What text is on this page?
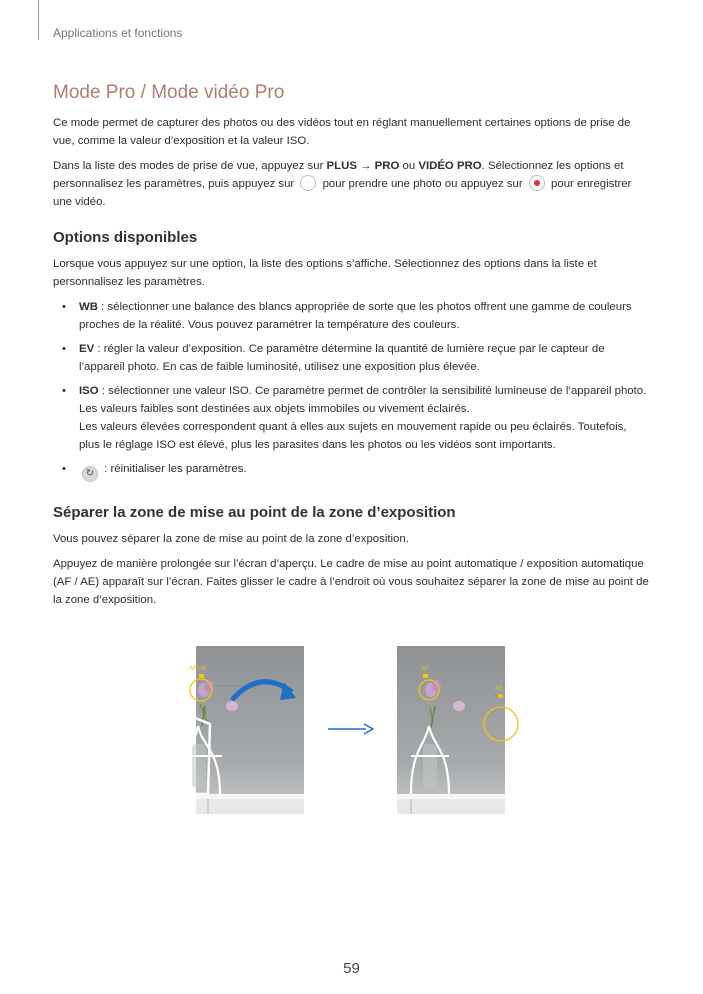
Applications et fonctions
Mode Pro / Mode vidéo Pro

Ce mode permet de capturer des photos ou des vidéos tout en réglant manuellement certaines options de prise de vue, comme la valeur d’exposition et la valeur ISO.

Dans la liste des modes de prise de vue, appuyez sur PLUS → PRO ou VIDÉO PRO. Sélectionnez les options et personnalisez les paramètres, puis appuyez sur  pour prendre une photo ou appuyez sur  pour enregistrer une vidéo.

Options disponibles

Lorsque vous appuyez sur une option, la liste des options s’affiche. Sélectionnez des options dans la liste et personnalisez les paramètres.

• WB : sélectionner une balance des blancs appropriée de sorte que les photos offrent une gamme de couleurs proches de la réalité. Vous pouvez paramétrer la température des couleurs.
• EV : régler la valeur d’exposition. Ce paramètre détermine la quantité de lumière reçue par le capteur de l’appareil photo. En cas de faible luminosité, utilisez une exposition plus élevée.
• ISO : sélectionner une valeur ISO. Ce paramètre permet de contrôler la sensibilité lumineuse de l’appareil photo. Les valeurs faibles sont destinées aux objets immobiles ou vivement éclairés.
Les valeurs élevées correspondent quant à elles aux sujets en mouvement rapide ou peu éclairés. Toutefois, plus le réglage ISO est élevé, plus les parasites dans les photos ou les vidéos sont importants.
• ↻ : réinitialiser les paramètres.
Séparer la zone de mise au point de la zone d’exposition

Vous pouvez séparer la zone de mise au point de la zone d’exposition.

Appuyez de manière prolongée sur l’écran d’aperçu. Le cadre de mise au point automatique / exposition automatique (AF / AE) apparaît sur l’écran. Faites glisser le cadre à l’endroit où vous souhaitez séparer la zone de mise au point de la zone d’exposition.

AF/AE	AF
AE
59
